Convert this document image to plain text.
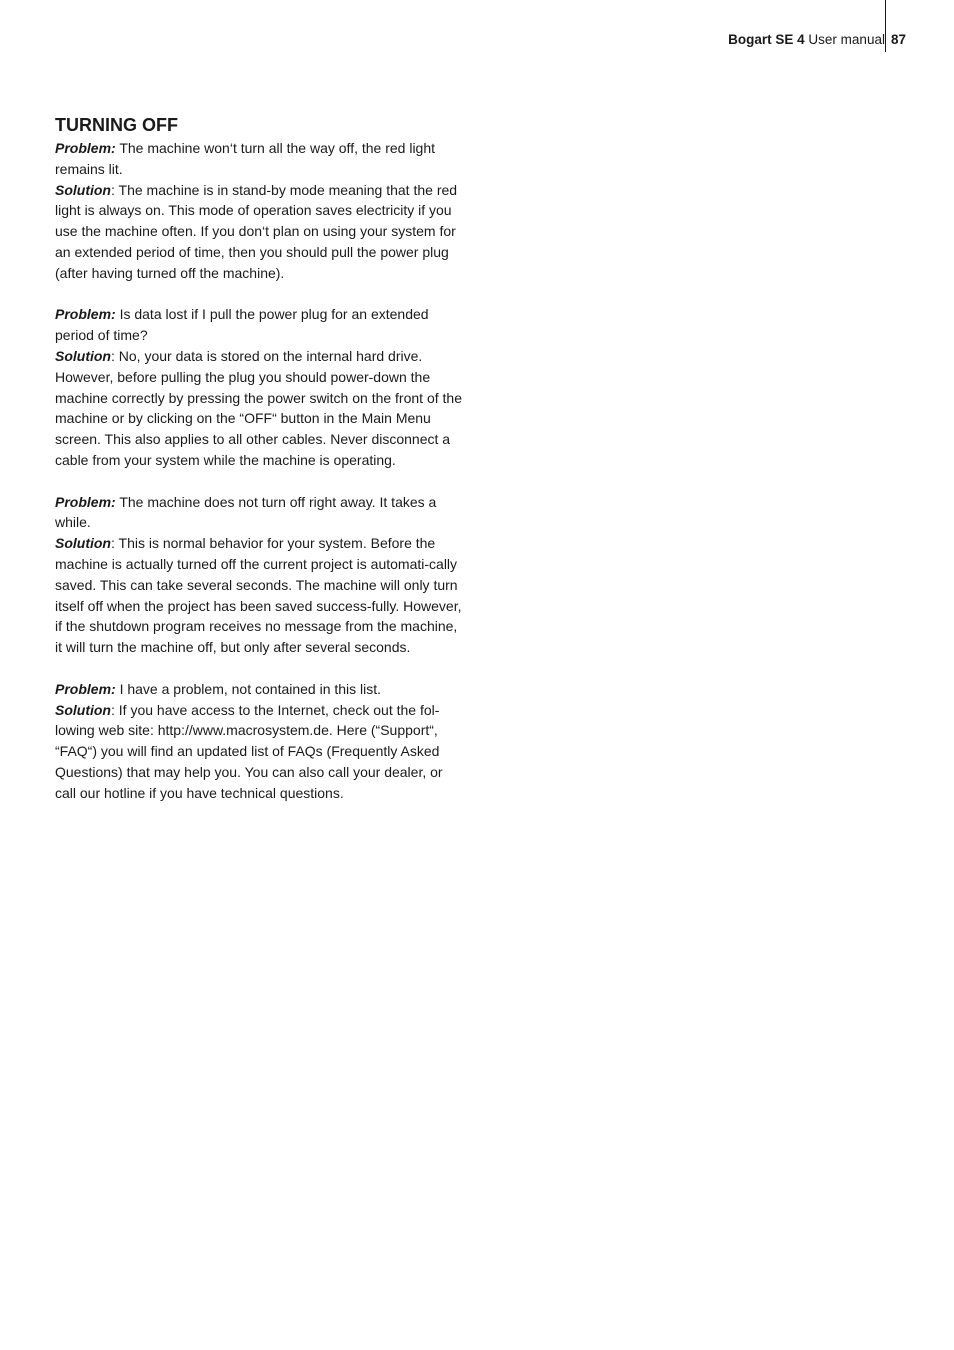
Bogart SE 4 User manual 87
TURNING OFF

Problem: The machine won‘t turn all the way off, the red light remains lit.

Solution: The machine is in stand-by mode meaning that the red light is always on. This mode of operation saves electricity if you use the machine often. If you don‘t plan on using your system for an extended period of time, then you should pull the power plug (after having turned off the machine).

Problem: Is data lost if I pull the power plug for an extended period of time?

Solution: No, your data is stored on the internal hard drive. However, before pulling the plug you should power-down the machine correctly by pressing the power switch on the front of the machine or by clicking on the “OFF“ button in the Main Menu screen. This also applies to all other cables. Never disconnect a cable from your system while the machine is operating.

Problem: The machine does not turn off right away. It takes a while.

Solution: This is normal behavior for your system. Before the machine is actually turned off the current project is automati-cally saved. This can take several seconds. The machine will only turn itself off when the project has been saved success-fully. However, if the shutdown program receives no message from the machine, it will turn the machine off, but only after several seconds.

Problem: I have a problem, not contained in this list.

Solution: If you have access to the Internet, check out the fol-lowing web site: http://www.macrosystem.de. Here (“Support“, “FAQ“) you will find an updated list of FAQs (Frequently Asked Questions) that may help you. You can also call your dealer, or call our hotline if you have technical questions.
